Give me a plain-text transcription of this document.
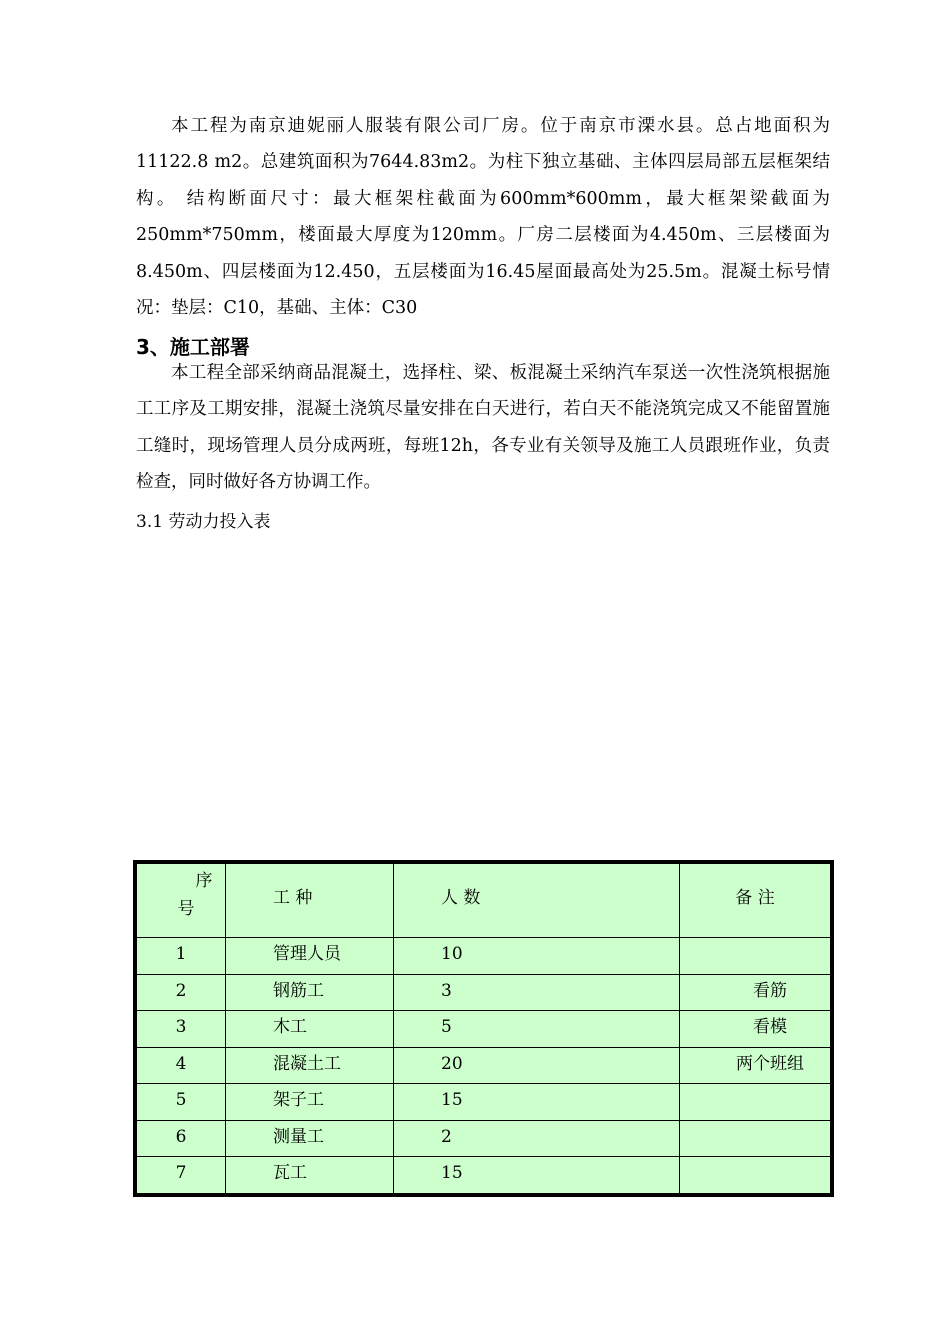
本工程为南京迪妮丽人服装有限公司厂房。位于南京市溧水县。总占地面积为11122.8 m2。总建筑面积为7644.83m2。为柱下独立基础、主体四层局部五层框架结构。 结构断面尺寸：最大框架柱截面为600mm*600mm，最大框架梁截面为250mm*750mm，楼面最大厚度为120mm。厂房二层楼面为4.450m、三层楼面为8.450m、四层楼面为12.450，五层楼面为16.45屋面最高处为25.5m。混凝土标号情况：垫层：C10，基础、主体：C30

3、施工部署

本工程全部采纳商品混凝土，选择柱、梁、板混凝土采纳汽车泵送一次性浇筑根据施工工序及工期安排，混凝土浇筑尽量安排在白天进行，若白天不能浇筑完成又不能留置施工缝时，现场管理人员分成两班，每班12h，各专业有关领导及施工人员跟班作业，负责检查，同时做好各方协调工作。

3.1 劳动力投入表

序
号	工 种	人 数	备 注

1	管理人员	10	

2	钢筋工	3	看筋

3	木工	5	看模

4	混凝土工	20	两个班组

5	架子工	15	

6	测量工	2	

7	瓦工	15	
